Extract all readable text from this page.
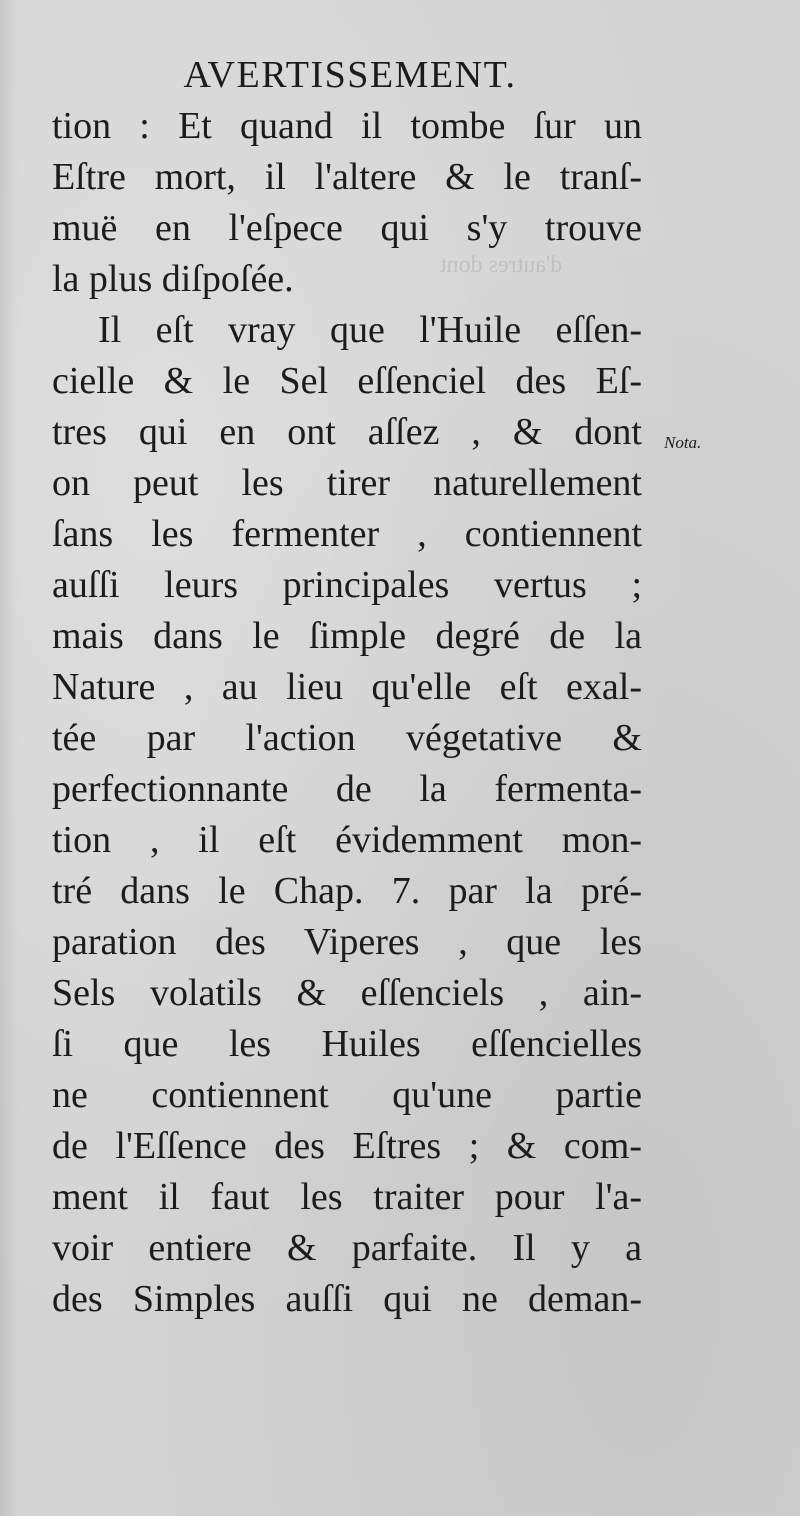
AVERTISSEMENT.
d'autres dont
tion : Et quand il tombe ſur un
Eſtre mort, il l'altere & le tranſ-
muë en l'eſpece qui s'y trouve
la plus diſpoſée.
Il eſt vray que l'Huile eſſen-
cielle & le Sel eſſenciel des Eſ-
tres qui en ont aſſez , & dont
on peut les tirer naturellement
ſans les fermenter , contiennent
auſſi leurs principales vertus ;
mais dans le ſimple degré de la
Nature , au lieu qu'elle eſt exal-
tée par l'action végetative &
perfectionnante de la fermenta-
tion , il eſt évidemment mon-
tré dans le Chap. 7. par la pré-
paration des Viperes , que les
Sels volatils & eſſenciels , ain-
ſi que les Huiles eſſencielles
ne contiennent qu'une partie
de l'Eſſence des Eſtres ; & com-
ment il faut les traiter pour l'a-
voir entiere & parfaite. Il y a
des Simples auſſi qui ne deman-
Nota.
